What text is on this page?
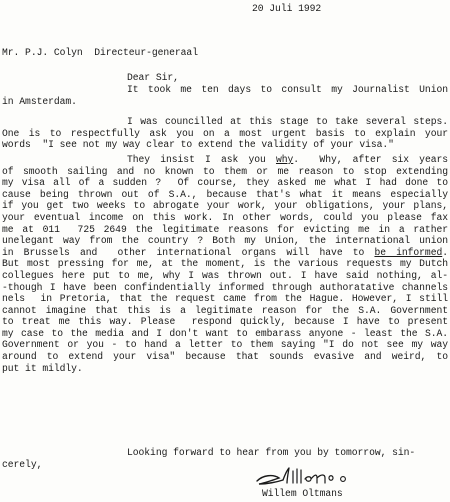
20 Juli 1992
Mr. P.J. Colyn  Directeur-generaal
Dear Sir,
It took me ten days to consult my Journalist Union
in Amsterdam.
I was councilled at this stage to take several steps.
One is to respectfully ask you on a most urgent basis to explain your
words  "I see not my way clear to extend the validity of your visa."
They insist I ask you why.  Why, after six years
of smooth sailing and no known to them or me reason to stop extending
my visa all of a sudden ?  Of course, they asked me what I had done to
cause being thrown out of S.A., because that's what it means especially
if you get two weeks to abrogate your work, your obligations, your plans,
your eventual income on this work. In other words, could you please fax
me at 011  725 2649 the legitimate reasons for evicting me in a rather
unelegant way from the country ? Both my Union, the international union
in Brussels and  other international organs will have to be informed.
But most pressing for me, at the moment, is the various requests my Dutch
collegues here put to me, why I was thrown out. I have said nothing, al-
-though I have been confindentially informed through authoratative channels
nels  in Pretoria, that the request came from the Hague. However, I still
cannot imagine that this is a legitimate reason for the S.A. Government
to treat me this way. Please  respond quickly, because I have to present
my case to the media and I don't want to embarass anyone - least the S.A.
Government or you - to hand a letter to them saying "I do not see my way
around to extend your visa" because that sounds evasive and weird, to
put it mildly.
Looking forward to hear from you by tomorrow, sin-
cerely,
Willem Oltmans
